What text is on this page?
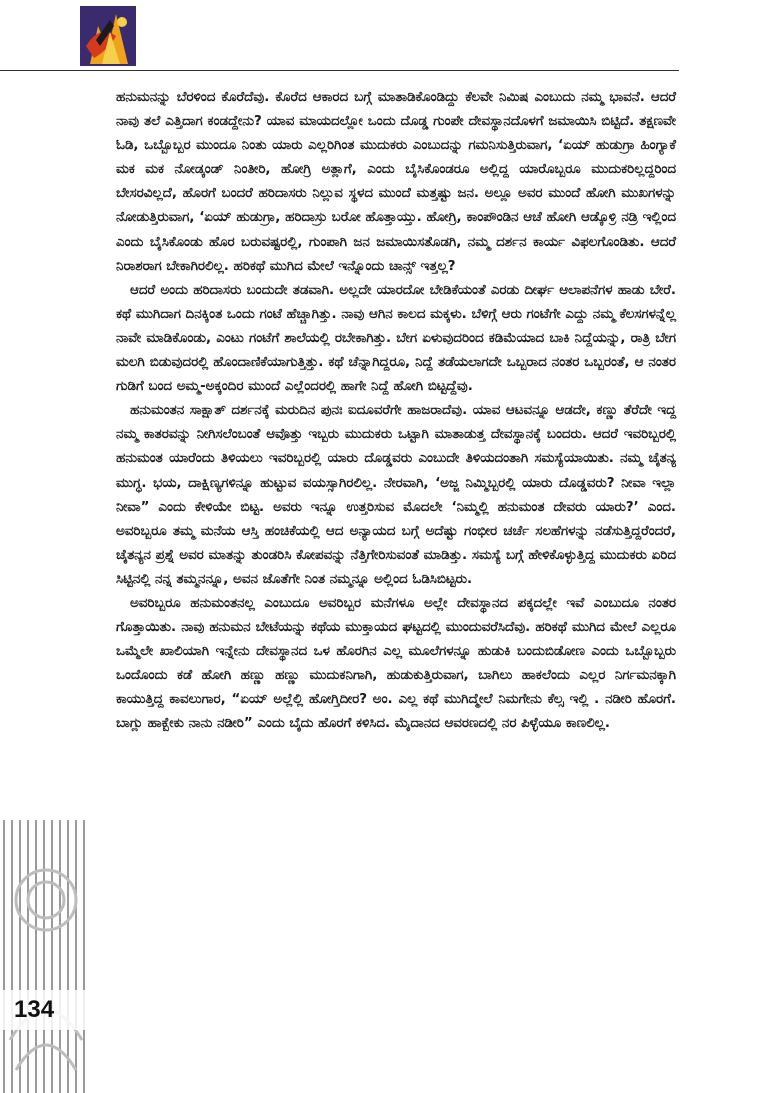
ಹನುಮನನ್ನು ಬೆರಳಿಂದ ಕೊರೆದೆವು. ಕೊರೆದ ಆಕಾರದ ಬಗ್ಗೆ ಮಾತಾಡಿಕೊಂಡಿದ್ದು ಕೆಲವೇ ನಿಮಿಷ ಎಂಬುದು ನಮ್ಮ ಭಾವನೆ. ಆದರೆ ನಾವು ತಲೆ ಎತ್ತಿದಾಗ ಕಂಡದ್ದೇನು? ಯಾವ ಮಾಯದಲ್ಲೋ ಒಂದು ದೊಡ್ಡ ಗುಂಪೇ ದೇವಸ್ಥಾನದೊಳಗೆ ಜಮಾಯಿಸಿ ಬಿಟ್ಟಿದೆ. ತಕ್ಷಣವೇ ಓಡಿ, ಒಬ್ಬೊಬ್ಬರ ಮುಂದೂ ನಿಂತು ಯಾರು ಎಲ್ಲರಿಗಿಂತ ಮುದುಕರು ಎಂಬುದನ್ನು ಗಮನಿಸುತ್ತಿರುವಾಗ, ‘ಏಯ್ ಹುಡುಗ್ರಾ ಹಿಂಗ್ಯಾಕೆ ಮಕ ಮಕ ನೋಡ್ಕಂಡ್ ನಿಂತೀರಿ, ಹೋಗ್ರಿ ಅತ್ಲಾಗೆ, ಎಂದು ಬೈಸಿಕೊಂಡರೂ ಅಲ್ಲಿದ್ದ ಯಾರೊಬ್ಬರೂ ಮುದುಕರಿಲ್ಲದ್ದರಿಂದ ಬೇಸರವಿಲ್ಲದೆ, ಹೊರಗೆ ಬಂದರೆ ಹರಿದಾಸರು ನಿಲ್ಲುವ ಸ್ಥಳದ ಮುಂದೆ ಮತ್ತಷ್ಟು ಜನ. ಅಲ್ಲೂ ಅವರ ಮುಂದೆ ಹೋಗಿ ಮುಖಗಳನ್ನು ನೋಡುತ್ತಿರುವಾಗ, ‘ಏಯ್ ಹುಡುಗ್ರಾ, ಹರಿದಾಸ್ರು ಬರೋ ಹೊತ್ತಾಯ್ತು. ಹೋಗ್ರಿ, ಕಾಂಪೌಂಡಿನ ಆಚೆ ಹೋಗಿ ಆಡ್ಕೊಳ್ರಿ ನಡ್ರಿ ಇಲ್ಲಿಂದ ಎಂದು ಬೈಸಿಕೊಂಡು ಹೊರ ಬರುವಷ್ಟರಲ್ಲಿ, ಗುಂಪಾಗಿ ಜನ ಜಮಾಯಿಸತೊಡಗಿ, ನಮ್ಮ ದರ್ಶನ ಕಾರ್ಯ ವಿಫಲಗೊಂಡಿತು. ಆದರೆ ನಿರಾಶರಾಗ ಬೇಕಾಗಿರಲಿಲ್ಲ. ಹರಿಕಥೆ ಮುಗಿದ ಮೇಲೆ ಇನ್ನೊಂದು ಚಾನ್ಸ್ ಇತ್ತಲ್ಲ?

ಆದರೆ ಅಂದು ಹರಿದಾಸರು ಬಂದುದೇ ತಡವಾಗಿ. ಅಲ್ಲದೇ ಯಾರದೋ ಬೇಡಿಕೆಯಂತೆ ಎರಡು ದೀರ್ಘ ಆಲಾಪನೆಗಳ ಹಾಡು ಬೇರೆ. ಕಥೆ ಮುಗಿದಾಗ ದಿನಕ್ಕಿಂತ ಒಂದು ಗಂಟೆ ಹೆಚ್ಚಾಗಿತ್ತು. ನಾವು ಆಗಿನ ಕಾಲದ ಮಕ್ಕಳು. ಬೆಳಿಗ್ಗೆ ಆರು ಗಂಟೆಗೇ ಎದ್ದು ನಮ್ಮ ಕೆಲಸಗಳನ್ನೆಲ್ಲ ನಾವೇ ಮಾಡಿಕೊಂಡು, ಎಂಟು ಗಂಟೆಗೆ ಶಾಲೆಯಲ್ಲಿ ರಬೇಕಾಗಿತ್ತು. ಬೇಗ ಏಳುವುದರಿಂದ ಕಡಿಮೆಯಾದ ಬಾಕಿ ನಿದ್ದೆಯನ್ನು, ರಾತ್ರಿ ಬೇಗ ಮಲಗಿ ಬಿಡುವುದರಲ್ಲಿ ಹೊಂದಾಣಿಕೆಯಾಗುತ್ತಿತ್ತು. ಕಥೆ ಚೆನ್ನಾಗಿದ್ದರೂ, ನಿದ್ದೆ ತಡೆಯಲಾಗದೇ ಒಬ್ಬರಾದ ನಂತರ ಒಬ್ಬರಂತೆ, ಆ ನಂತರ ಗುಡಿಗೆ ಬಂದ ಅಮ್ಮ-ಅಕ್ಕಂದಿರ ಮುಂದೆ ಎಲ್ಲೆಂದರಲ್ಲಿ ಹಾಗೇ ನಿದ್ದೆ ಹೋಗಿ ಬಿಟ್ಟದ್ದೆವು.

ಹನುಮಂತನ ಸಾಕ್ಷಾತ್ ದರ್ಶನಕ್ಕೆ ಮರುದಿನ ಪುನಃ ಐದೂವರೆಗೇ ಹಾಜರಾದೆವು. ಯಾವ ಆಟವನ್ನೂ ಆಡದೇ, ಕಣ್ಣು ತೆರೆದೇ ಇದ್ದ ನಮ್ಮ ಕಾತರವನ್ನು ನೀಗಿಸಲೆಂಬಂತೆ ಆವೊತ್ತು ಇಬ್ಬರು ಮುದುಕರು ಒಟ್ಟಾಗಿ ಮಾತಾಡುತ್ತ ದೇವಸ್ಥಾನಕ್ಕೆ ಬಂದರು. ಆದರೆ ಇವರಿಬ್ಬರಲ್ಲಿ ಹನುಮಂತ ಯಾರೆಂದು ತಿಳಿಯಲು ಇವರಿಬ್ಬರಲ್ಲಿ ಯಾರು ದೊಡ್ಡವರು ಎಂಬುದೇ ತಿಳಿಯದಂತಾಗಿ ಸಮಸ್ಯೆಯಾಯಿತು. ನಮ್ಮ ಚೈತನ್ಯ ಮುಗ್ಧ. ಭಯ, ದಾಕ್ಷಿಣ್ಯಗಳಿನ್ನೂ ಹುಟ್ಟುವ ವಯಸ್ಸಾಗಿರಲಿಲ್ಲ. ನೇರವಾಗಿ, ‘ಅಜ್ಜ ನಿಮ್ಮಿಬ್ಬರಲ್ಲಿ ಯಾರು ದೊಡ್ಡವರು? ನೀವಾ ಇಲ್ಲಾ ನೀವಾ” ಎಂದು ಕೇಳಿಯೇ ಬಿಟ್ಟ. ಅವರು ಇನ್ನೂ ಉತ್ತರಿಸುವ ಮೊದಲೇ ‘ನಿಮ್ಮಲ್ಲಿ ಹನುಮಂತ ದೇವರು ಯಾರು?’ ಎಂದ. ಅವರಿಬ್ಬರೂ ತಮ್ಮ ಮನೆಯ ಆಸ್ತಿ ಹಂಚಿಕೆಯಲ್ಲಿ ಆದ ಅನ್ಯಾಯದ ಬಗ್ಗೆ ಅದೆಷ್ಟು ಗಂಭೀರ ಚರ್ಚೆ ಸಲಹೆಗಳನ್ನು ನಡೆಸುತ್ತಿದ್ದರೆಂದರೆ, ಚೈತನ್ಯನ ಪ್ರಶ್ನೆ ಅವರ ಮಾತನ್ನು ತುಂಡರಿಸಿ ಕೋಪವನ್ನು ನೆತ್ತಿಗೇರಿಸುವಂತೆ ಮಾಡಿತ್ತು. ಸಮಸ್ಯೆ ಬಗ್ಗೆ ಹೇಳಿಕೊಳ್ಳುತ್ತಿದ್ದ ಮುದುಕರು ಏರಿದ ಸಿಟ್ಟಿನಲ್ಲಿ ನನ್ನ ತಮ್ಮನನ್ನೂ, ಅವನ ಜೊತೆಗೇ ನಿಂತ ನಮ್ಮನ್ನೂ ಅಲ್ಲಿಂದ ಓಡಿಸಿಬಿಟ್ಟರು.

ಅವರಿಬ್ಬರೂ ಹನುಮಂತನಲ್ಲ ಎಂಬುದೂ ಅವರಿಬ್ಬರ ಮನೆಗಳೂ ಅಲ್ಲೇ ದೇವಸ್ಥಾನದ ಪಕ್ಕದಲ್ಲೇ ಇವೆ ಎಂಬುದೂ ನಂತರ ಗೊತ್ತಾಯಿತು. ನಾವು ಹನುಮನ ಬೇಟೆಯನ್ನು ಕಥೆಯ ಮುಕ್ತಾಯದ ಘಟ್ಟದಲ್ಲಿ ಮುಂದುವರೆಸಿದೆವು. ಹರಿಕಥೆ ಮುಗಿದ ಮೇಲೆ ಎಲ್ಲರೂ ಒಮ್ಮೆಲೇ ಖಾಲಿಯಾಗಿ ಇನ್ನೇನು ದೇವಸ್ಥಾನದ ಒಳ ಹೊರಗಿನ ಎಲ್ಲ ಮೂಲೆಗಳನ್ನೂ ಹುಡುಕಿ ಬಂದುಬಿಡೋಣ ಎಂದು ಒಬ್ಬೊಬ್ಬರು ಒಂದೊಂದು ಕಡೆ ಹೋಗಿ ಹಣ್ಣು ಹಣ್ಣು ಮುದುಕನಿಗಾಗಿ, ಹುಡುಕುತ್ತಿರುವಾಗ, ಬಾಗಿಲು ಹಾಕಲೆಂದು ಎಲ್ಲರ ನಿರ್ಗಮನಕ್ಕಾಗಿ ಕಾಯುತ್ತಿದ್ದ ಕಾವಲುಗಾರ, “ಏಯ್ ಅಲ್ಲೆಲ್ಲಿ ಹೋಗ್ತಿದೀರ? ಅಂ. ಎಲ್ಲ ಕಥೆ ಮುಗಿದ್ಮೇಲೆ ನಿಮಗೇನು ಕೆಲ್ಸ ಇಲ್ಲಿ . ನಡೀರಿ ಹೊರಗೆ. ಬಾಗ್ಲು ಹಾಕ್ಬೇಕು ನಾನು ನಡೀರಿ” ಎಂದು ಬೈದು ಹೊರಗೆ ಕಳಿಸಿದ. ಮೈದಾನದ ಆವರಣದಲ್ಲಿ ನರ ಪಿಳ್ಳೆಯೂ ಕಾಣಲಿಲ್ಲ.

134
